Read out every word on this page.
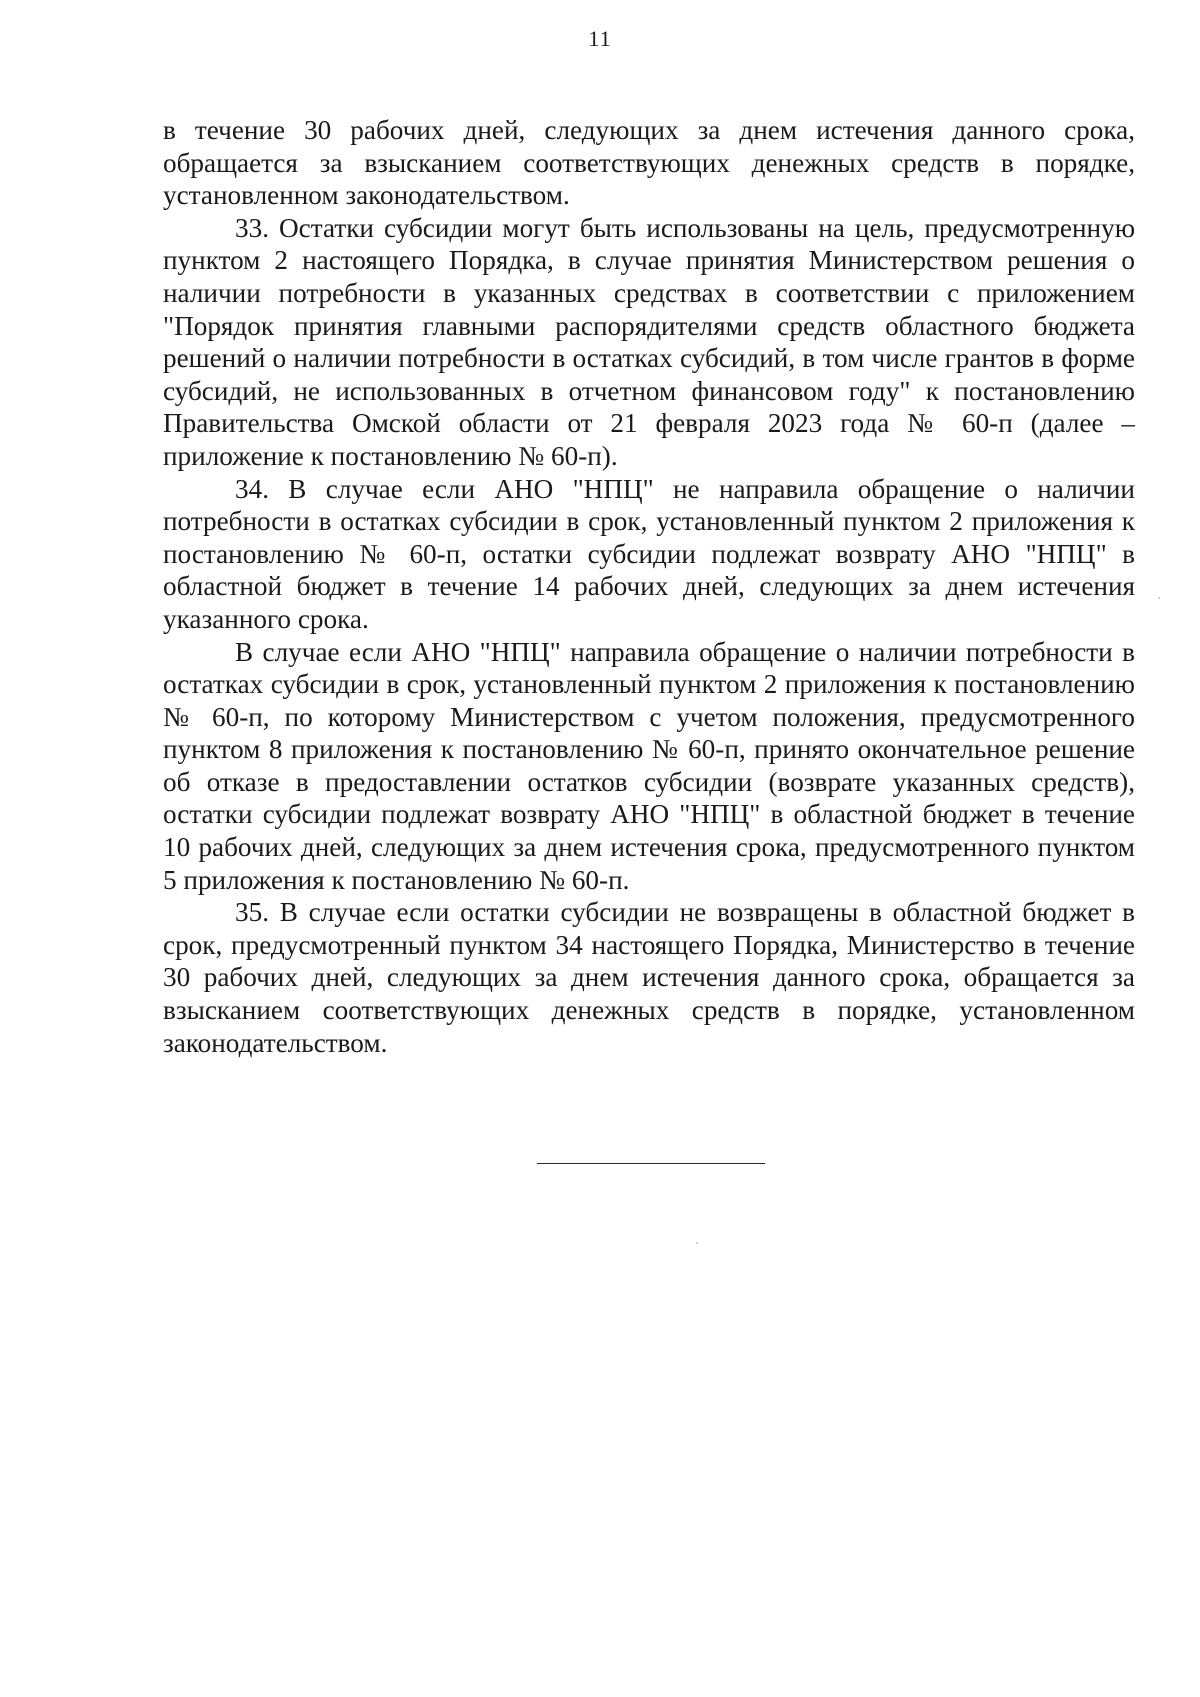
11

в течение 30 рабочих дней, следующих за днем истечения данного срока, обращается за взысканием соответствующих денежных средств в порядке, установленном законодательством.

33. Остатки субсидии могут быть использованы на цель, предусмотренную пунктом 2 настоящего Порядка, в случае принятия Министерством решения о наличии потребности в указанных средствах в соответствии с приложением "Порядок принятия главными распорядителями средств областного бюджета решений о наличии потребности в остатках субсидий, в том числе грантов в форме субсидий, не использованных в отчетном финансовом году" к постановлению Правительства Омской области от 21 февраля 2023 года № 60-п (далее – приложение к постановлению № 60-п).

34. В случае если АНО "НПЦ" не направила обращение о наличии потребности в остатках субсидии в срок, установленный пунктом 2 приложения к постановлению № 60-п, остатки субсидии подлежат возврату АНО "НПЦ" в областной бюджет в течение 14 рабочих дней, следующих за днем истечения указанного срока.

В случае если АНО "НПЦ" направила обращение о наличии потребности в остатках субсидии в срок, установленный пунктом 2 приложения к постановлению № 60-п, по которому Министерством с учетом положения, предусмотренного пунктом 8 приложения к постановлению № 60-п, принято окончательное решение об отказе в предоставлении остатков субсидии (возврате указанных средств), остатки субсидии подлежат возврату АНО "НПЦ" в областной бюджет в течение 10 рабочих дней, следующих за днем истечения срока, предусмотренного пунктом 5 приложения к постановлению № 60-п.

35. В случае если остатки субсидии не возвращены в областной бюджет в срок, предусмотренный пунктом 34 настоящего Порядка, Министерство в течение 30 рабочих дней, следующих за днем истечения данного срока, обращается за взысканием соответствующих денежных средств в порядке, установленном законодательством.
